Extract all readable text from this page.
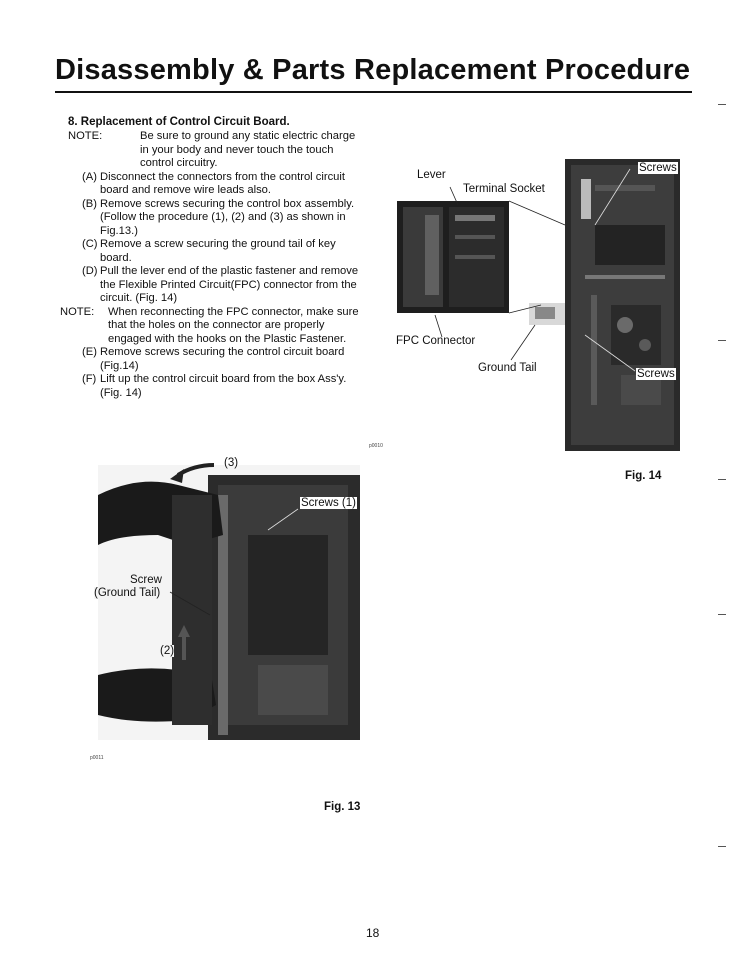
Disassembly & Parts Replacement Procedure
8. Replacement of Control Circuit Board.
NOTE:	Be sure to ground any static electric charge in your body and never touch the touch control circuitry.
(A) Disconnect the connectors from the control circuit board and remove wire leads also.
(B) Remove screws securing the control box assembly. (Follow the procedure (1), (2) and (3) as shown in Fig.13.)
(C) Remove a screw securing the ground tail of key board.
(D) Pull the lever end of the plastic fastener and remove the Flexible Printed Circuit(FPC) connector from the circuit. (Fig. 14)
NOTE: When reconnecting the FPC connector, make sure that the holes on the connector are properly engaged with the hooks on the Plastic Fastener.
(E) Remove screws securing the control circuit board (Fig.14)
(F) Lift up the control circuit board from the box Ass'y. (Fig. 14)
Lever
Terminal Socket
FPC Connector
Ground Tail
Screws
Screws
p0010
Fig. 14
(3)
Screws (1)
Screw
(Ground Tail)
(2)
p0011
Fig. 13
18
